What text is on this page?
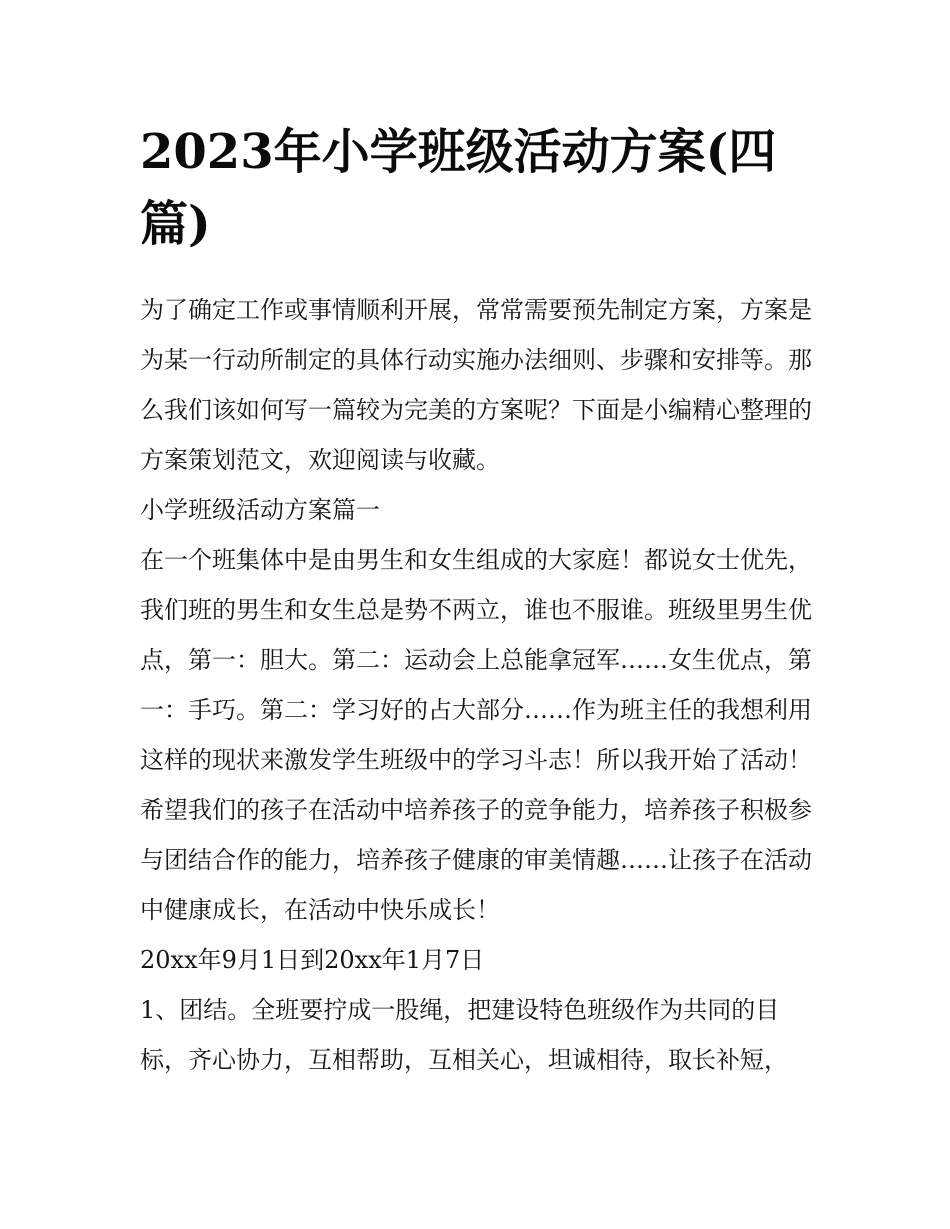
2023年小学班级活动方案(四篇)

为了确定工作或事情顺利开展，常常需要预先制定方案，方案是为某一行动所制定的具体行动实施办法细则、步骤和安排等。那么我们该如何写一篇较为完美的方案呢？下面是小编精心整理的方案策划范文，欢迎阅读与收藏。

小学班级活动方案篇一

在一个班集体中是由男生和女生组成的大家庭！都说女士优先，我们班的男生和女生总是势不两立，谁也不服谁。班级里男生优点，第一：胆大。第二：运动会上总能拿冠军……女生优点，第一：手巧。第二：学习好的占大部分……作为班主任的我想利用这样的现状来激发学生班级中的学习斗志！所以我开始了活动！希望我们的孩子在活动中培养孩子的竞争能力，培养孩子积极参与团结合作的能力，培养孩子健康的审美情趣……让孩子在活动中健康成长，在活动中快乐成长！

20xx年9月1日到20xx年1月7日

1、团结。全班要拧成一股绳，把建设特色班级作为共同的目标，齐心协力，互相帮助，互相关心，坦诚相待，取长补短，
